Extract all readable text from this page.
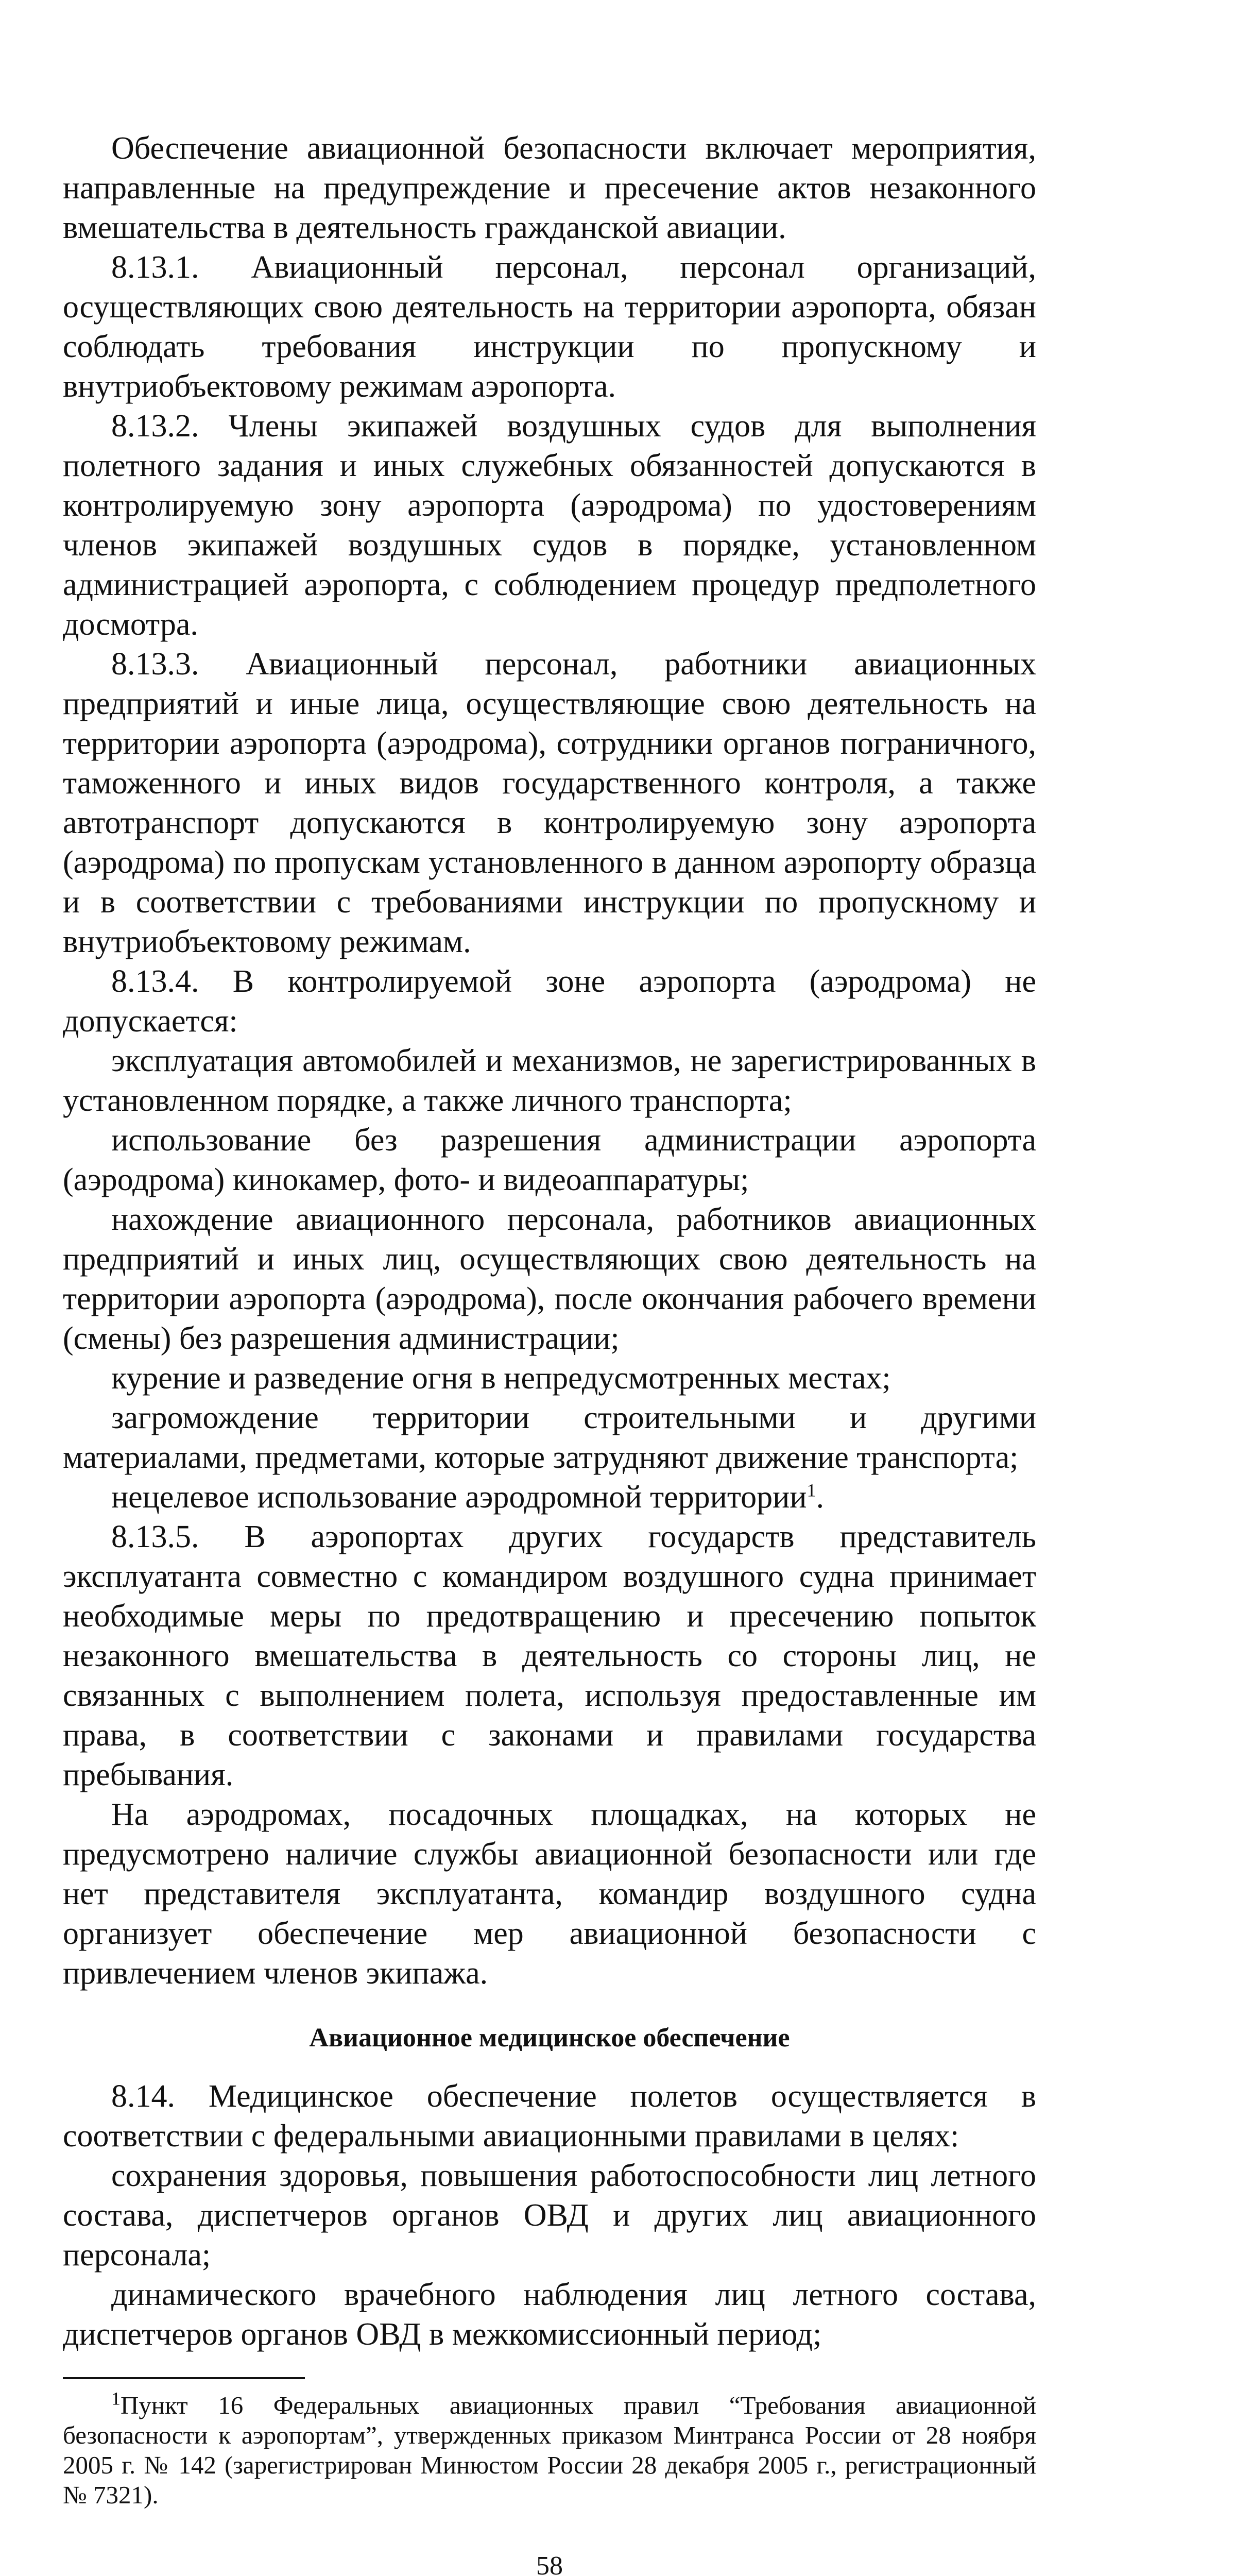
Обеспечение авиационной безопасности включает мероприятия, направленные на предупреждение и пресечение актов незаконного вмешательства в деятельность гражданской авиации.

8.13.1. Авиационный персонал, персонал организаций, осуществляющих свою деятельность на территории аэропорта, обязан соблюдать требования инструкции по пропускному и внутриобъектовому режимам аэропорта.

8.13.2. Члены экипажей воздушных судов для выполнения полетного задания и иных служебных обязанностей допускаются в контролируемую зону аэропорта (аэродрома) по удостоверениям членов экипажей воздушных судов в порядке, установленном администрацией аэропорта, с соблюдением процедур предполетного досмотра.

8.13.3. Авиационный персонал, работники авиационных предприятий и иные лица, осуществляющие свою деятельность на территории аэропорта (аэродрома), сотрудники органов пограничного, таможенного и иных видов государственного контроля, а также автотранспорт допускаются в контролируемую зону аэропорта (аэродрома) по пропускам установленного в данном аэропорту образца и в соответствии с требованиями инструкции по пропускному и внутриобъектовому режимам.

8.13.4. В контролируемой зоне аэропорта (аэродрома) не допускается:

эксплуатация автомобилей и механизмов, не зарегистрированных в установленном порядке, а также личного транспорта;

использование без разрешения администрации аэропорта (аэродрома) кинокамер, фото- и видеоаппаратуры;

нахождение авиационного персонала, работников авиационных предприятий и иных лиц, осуществляющих свою деятельность на территории аэропорта (аэродрома), после окончания рабочего времени (смены) без разрешения администрации;

курение и разведение огня в непредусмотренных местах;

загромождение территории строительными и другими материалами, предметами, которые затрудняют движение транспорта;

нецелевое использование аэродромной территории$^1$.

8.13.5. В аэропортах других государств представитель эксплуатанта совместно с командиром воздушного судна принимает необходимые меры по предотвращению и пресечению попыток незаконного вмешательства в деятельность со стороны лиц, не связанных с выполнением полета, используя предоставленные им права, в соответствии с законами и правилами государства пребывания.

На аэродромах, посадочных площадках, на которых не предусмотрено наличие службы авиационной безопасности или где нет представителя эксплуатанта, командир воздушного судна организует обеспечение мер авиационной безопасности с привлечением членов экипажа.

Авиационное медицинское обеспечение

8.14. Медицинское обеспечение полетов осуществляется в соответствии с федеральными авиационными правилами в целях:

сохранения здоровья, повышения работоспособности лиц летного состава, диспетчеров органов ОВД и других лиц авиационного персонала;

динамического врачебного наблюдения лиц летного состава, диспетчеров органов ОВД в межкомиссионный период;

$^1$Пункт 16 Федеральных авиационных правил “Требования авиационной безопасности к аэропортам”, утвержденных приказом Минтранса России от 28 ноября 2005 г. № 142 (зарегистрирован Минюстом России 28 декабря 2005 г., регистрационный № 7321).

58
